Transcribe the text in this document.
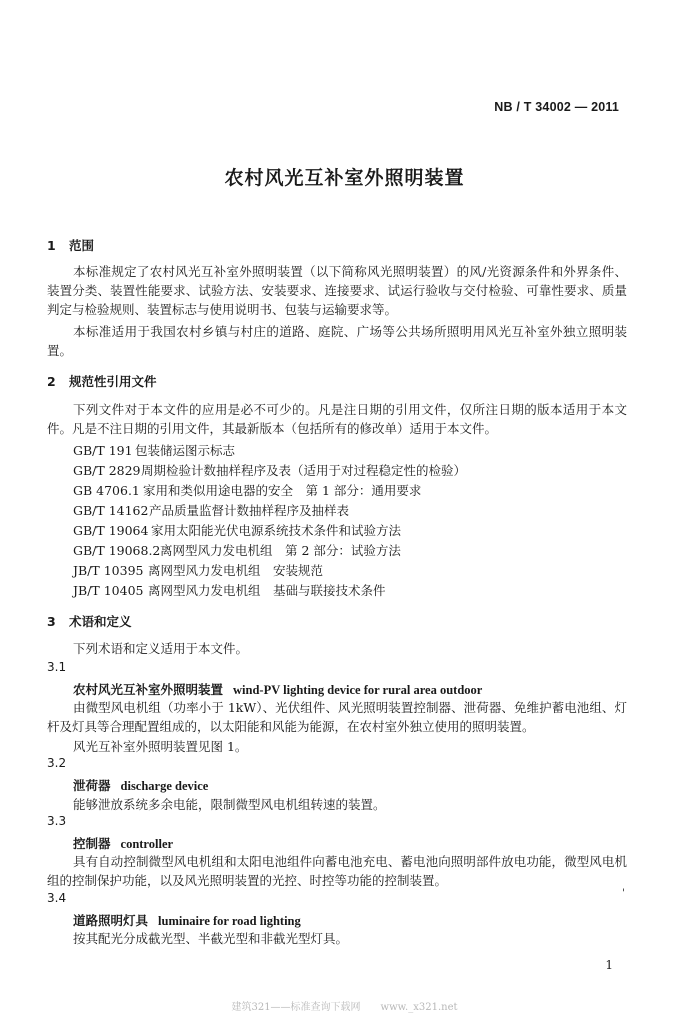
NB / T 34002 — 2011
农村风光互补室外照明装置
1 范围
本标准规定了农村风光互补室外照明装置（以下简称风光照明装置）的风/光资源条件和外界条件、装置分类、装置性能要求、试验方法、安装要求、连接要求、试运行验收与交付检验、可靠性要求、质量判定与检验规则、装置标志与使用说明书、包装与运输要求等。
本标准适用于我国农村乡镇与村庄的道路、庭院、广场等公共场所照明用风光互补室外独立照明装置。
2 规范性引用文件
下列文件对于本文件的应用是必不可少的。凡是注日期的引用文件，仅所注日期的版本适用于本文件。凡是不注日期的引用文件，其最新版本（包括所有的修改单）适用于本文件。
GB/T 191 包装储运图示标志
GB/T 2829周期检验计数抽样程序及表（适用于对过程稳定性的检验）
GB 4706.1 家用和类似用途电器的安全　第 1 部分：通用要求
GB/T 14162产品质量监督计数抽样程序及抽样表
GB/T 19064 家用太阳能光伏电源系统技术条件和试验方法
GB/T 19068.2离网型风力发电机组　第 2 部分：试验方法
JB/T 10395 离网型风力发电机组　安装规范
JB/T 10405 离网型风力发电机组　基础与联接技术条件
3 术语和定义
下列术语和定义适用于本文件。
3.1
农村风光互补室外照明装置 wind-PV lighting device for rural area outdoor
由微型风电机组（功率小于 1kW）、光伏组件、风光照明装置控制器、泄荷器、免维护蓄电池组、灯杆及灯具等合理配置组成的，以太阳能和风能为能源，在农村室外独立使用的照明装置。
风光互补室外照明装置见图 1。
3.2
泄荷器 discharge device
能够泄放系统多余电能，限制微型风电机组转速的装置。
3.3
控制器 controller
具有自动控制微型风电机组和太阳电池组件向蓄电池充电、蓄电池向照明部件放电功能，微型风电机组的控制保护功能，以及风光照明装置的光控、时控等功能的控制装置。
3.4
道路照明灯具 luminaire for road lighting
按其配光分成截光型、半截光型和非截光型灯具。
'
1
建筑321——标准查询下载网　　www._x321.net
